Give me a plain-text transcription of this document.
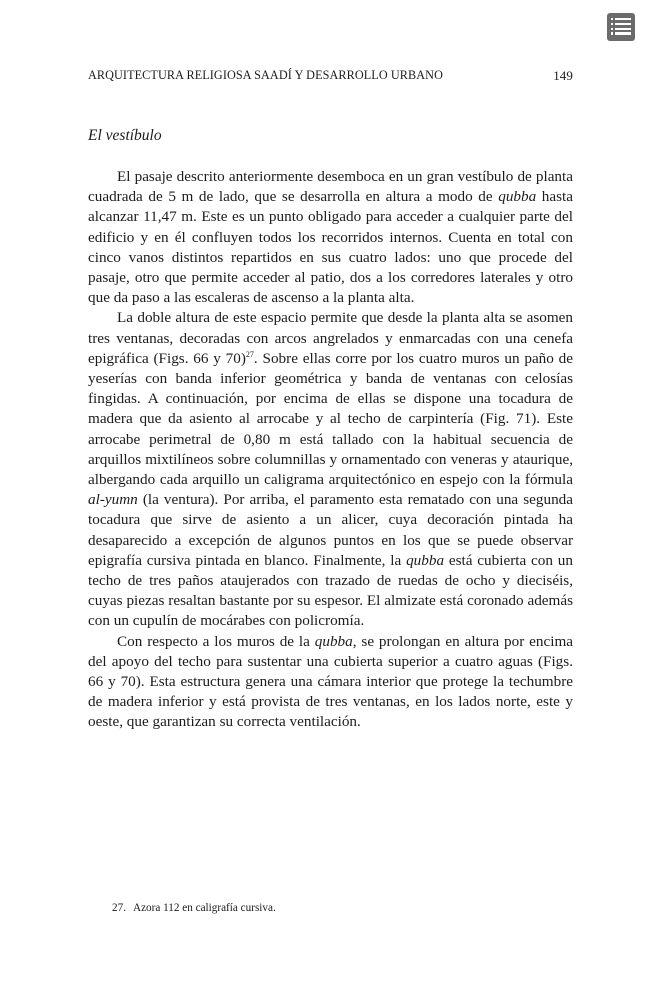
ARQUITECTURA RELIGIOSA SAADÍ Y DESARROLLO URBANO	149
El vestíbulo

El pasaje descrito anteriormente desemboca en un gran vestíbulo de planta cuadrada de 5 m de lado, que se desarrolla en altura a modo de qubba hasta alcanzar 11,47 m. Este es un punto obligado para acceder a cualquier parte del edificio y en él confluyen todos los recorridos internos. Cuenta en total con cinco vanos distintos repartidos en sus cuatro lados: uno que procede del pasaje, otro que permite acceder al patio, dos a los corredores laterales y otro que da paso a las escaleras de ascenso a la planta alta.

La doble altura de este espacio permite que desde la planta alta se asomen tres ventanas, decoradas con arcos angrelados y enmarcadas con una cenefa epigráfica (Figs. 66 y 70)$^{27}$. Sobre ellas corre por los cuatro muros un paño de yeserías con banda inferior geométrica y banda de ventanas con celosías fingidas. A continuación, por encima de ellas se dispone una tocadura de madera que da asiento al arrocabe y al techo de carpintería (Fig. 71). Este arrocabe perimetral de 0,80 m está tallado con la habitual secuencia de arquillos mixtilíneos sobre columnillas y ornamentado con veneras y ataurique, albergando cada arquillo un caligrama arquitectónico en espejo con la fórmula al-yumn (la ventura). Por arriba, el paramento esta rematado con una segunda tocadura que sirve de asiento a un alicer, cuya decoración pintada ha desaparecido a excepción de algunos puntos en los que se puede observar epigrafía cursiva pintada en blanco. Finalmente, la qubba está cubierta con un techo de tres paños ataujerados con trazado de ruedas de ocho y dieciséis, cuyas piezas resaltan bastante por su espesor. El almizate está coronado además con un cupulín de mocárabes con policromía.

Con respecto a los muros de la qubba, se prolongan en altura por encima del apoyo del techo para sustentar una cubierta superior a cuatro aguas (Figs. 66 y 70). Esta estructura genera una cámara interior que protege la techumbre de madera inferior y está provista de tres ventanas, en los lados norte, este y oeste, que garantizan su correcta ventilación.

27. Azora 112 en caligrafía cursiva.
